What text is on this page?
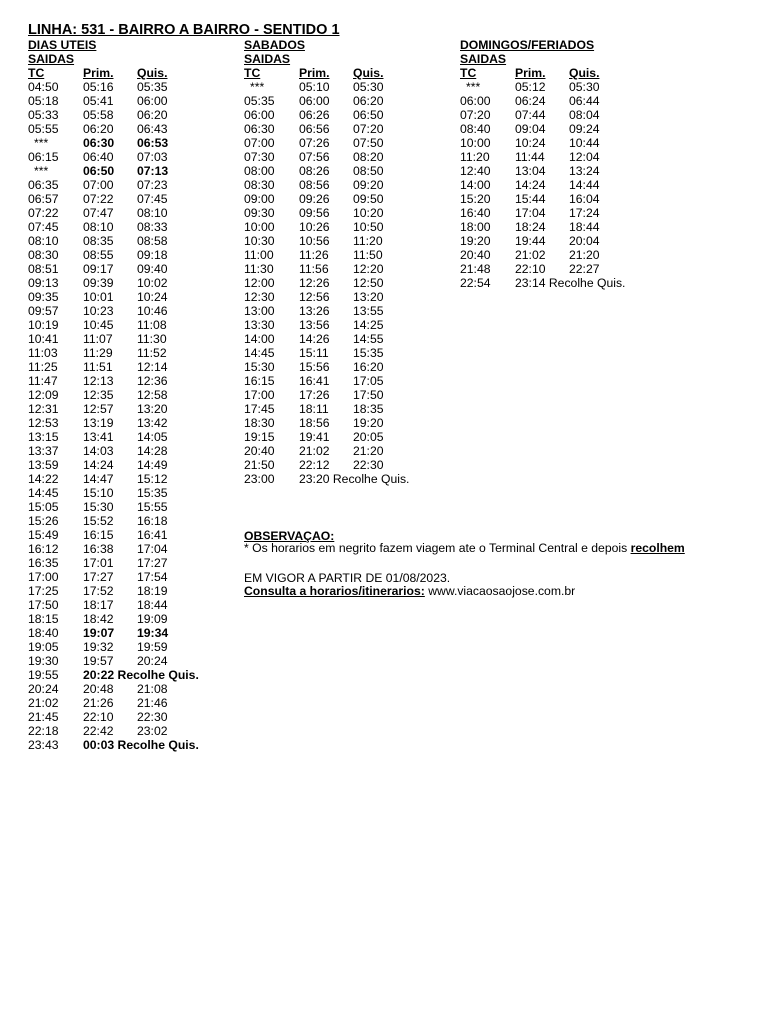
LINHA: 531 - BAIRRO A BAIRRO - SENTIDO 1
DIAS UTEIS
SAIDAS
TC	Prim. Quis.
04:50 05:16 05:35
05:18 05:41 06:00
05:33 05:58 06:20
05:55 06:20 06:43
***	06:30 06:53
06:15 06:40 07:03
***	06:50 07:13
06:35 07:00 07:23
06:57 07:22 07:45
07:22 07:47 08:10
07:45 08:10 08:33
08:10 08:35 08:58
08:30 08:55 09:18
08:51 09:17 09:40
09:13 09:39 10:02
09:35 10:01 10:24
09:57 10:23 10:46
10:19 10:45 11:08
10:41 11:07 11:30
11:03 11:29 11:52
11:25 11:51 12:14
11:47 12:13 12:36
12:09 12:35 12:58
12:31 12:57 13:20
12:53 13:19 13:42
13:15 13:41 14:05
13:37 14:03 14:28
13:59 14:24 14:49
14:22 14:47 15:12
14:45 15:10 15:35
15:05 15:30 15:55
15:26 15:52 16:18
15:49 16:15 16:41
16:12 16:38 17:04
16:35 17:01 17:27
17:00 17:27 17:54
17:25 17:52 18:19
17:50 18:17 18:44
18:15 18:42 19:09
18:40 19:07 19:34
19:05 19:32 19:59
19:30 19:57 20:24
19:55 20:22 Recolhe Quis.
20:24 20:48 21:08
21:02 21:26 21:46
21:45 22:10 22:30
22:18 22:42 23:02
23:43 00:03 Recolhe Quis.
SABADOS
SAIDAS
TC	Prim. Quis.
***	05:10 05:30
05:35 06:00 06:20
06:00 06:26 06:50
06:30 06:56 07:20
07:00 07:26 07:50
07:30 07:56 08:20
08:00 08:26 08:50
08:30 08:56 09:20
09:00 09:26 09:50
09:30 09:56 10:20
10:00 10:26 10:50
10:30 10:56 11:20
11:00 11:26 11:50
11:30 11:56 12:20
12:00 12:26 12:50
12:30 12:56 13:20
13:00 13:26 13:55
13:30 13:56 14:25
14:00 14:26 14:55
14:45 15:11 15:35
15:30 15:56 16:20
16:15 16:41 17:05
17:00 17:26 17:50
17:45 18:11 18:35
18:30 18:56 19:20
19:15 19:41 20:05
20:40 21:02 21:20
21:50 22:12 22:30
23:00 23:20 Recolhe Quis.
DOMINGOS/FERIADOS
SAIDAS
TC	Prim. Quis.
***	05:12 05:30
06:00 06:24 06:44
07:20 07:44 08:04
08:40 09:04 09:24
10:00 10:24 10:44
11:20 11:44 12:04
12:40 13:04 13:24
14:00 14:24 14:44
15:20 15:44 16:04
16:40 17:04 17:24
18:00 18:24 18:44
19:20 19:44 20:04
20:40 21:02 21:20
21:48 22:10 22:27
22:54 23:14 Recolhe Quis.
OBSERVAÇAO:
* Os horarios em negrito fazem viagem ate o Terminal Central e depois recolhem
EM VIGOR A PARTIR DE 01/08/2023.
Consulta a horarios/itinerarios: www.viacaosaojose.com.br
